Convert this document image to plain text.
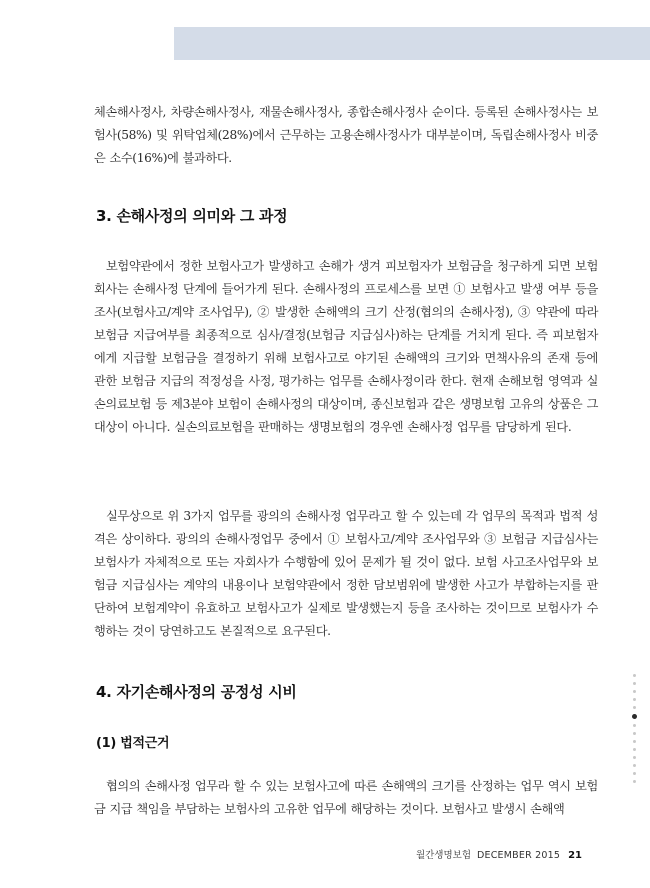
체손해사정사, 차량손해사정사, 재물손해사정사, 종합손해사정사 순이다. 등록된 손해사정사는 보험사(58%) 및 위탁업체(28%)에서 근무하는 고용손해사정사가 대부분이며, 독립손해사정사 비중은 소수(16%)에 불과하다.

3. 손해사정의 의미와 그 과정

보험약관에서 정한 보험사고가 발생하고 손해가 생겨 피보험자가 보험금을 청구하게 되면 보험회사는 손해사정 단계에 들어가게 된다. 손해사정의 프로세스를 보면 ① 보험사고 발생 여부 등을 조사(보험사고/계약 조사업무), ② 발생한 손해액의 크기 산정(협의의 손해사정), ③ 약관에 따라 보험금 지급여부를 최종적으로 심사/결정(보험금 지급심사)하는 단계를 거치게 된다. 즉 피보험자에게 지급할 보험금을 결정하기 위해 보험사고로 야기된 손해액의 크기와 면책사유의 존재 등에 관한 보험금 지급의 적정성을 사정, 평가하는 업무를 손해사정이라 한다. 현재 손해보험 영역과 실손의료보험 등 제3분야 보험이 손해사정의 대상이며, 종신보험과 같은 생명보험 고유의 상품은 그 대상이 아니다. 실손의료보험을 판매하는 생명보험의 경우엔 손해사정 업무를 담당하게 된다.

실무상으로 위 3가지 업무를 광의의 손해사정 업무라고 할 수 있는데 각 업무의 목적과 법적 성격은 상이하다. 광의의 손해사정업무 중에서 ① 보험사고/계약 조사업무와 ③ 보험금 지급심사는 보험사가 자체적으로 또는 자회사가 수행함에 있어 문제가 될 것이 없다. 보험 사고조사업무와 보험금 지급심사는 계약의 내용이나 보험약관에서 정한 담보범위에 발생한 사고가 부합하는지를 판단하여 보험계약이 유효하고 보험사고가 실제로 발생했는지 등을 조사하는 것이므로 보험사가 수행하는 것이 당연하고도 본질적으로 요구된다.

4. 자기손해사정의 공정성 시비
(1) 법적근거

협의의 손해사정 업무라 할 수 있는 보험사고에 따른 손해액의 크기를 산정하는 업무 역시 보험금 지급 책임을 부담하는 보험사의 고유한 업무에 해당하는 것이다. 보험사고 발생시 손해액

월간생명보험 DECEMBER 2015 21
